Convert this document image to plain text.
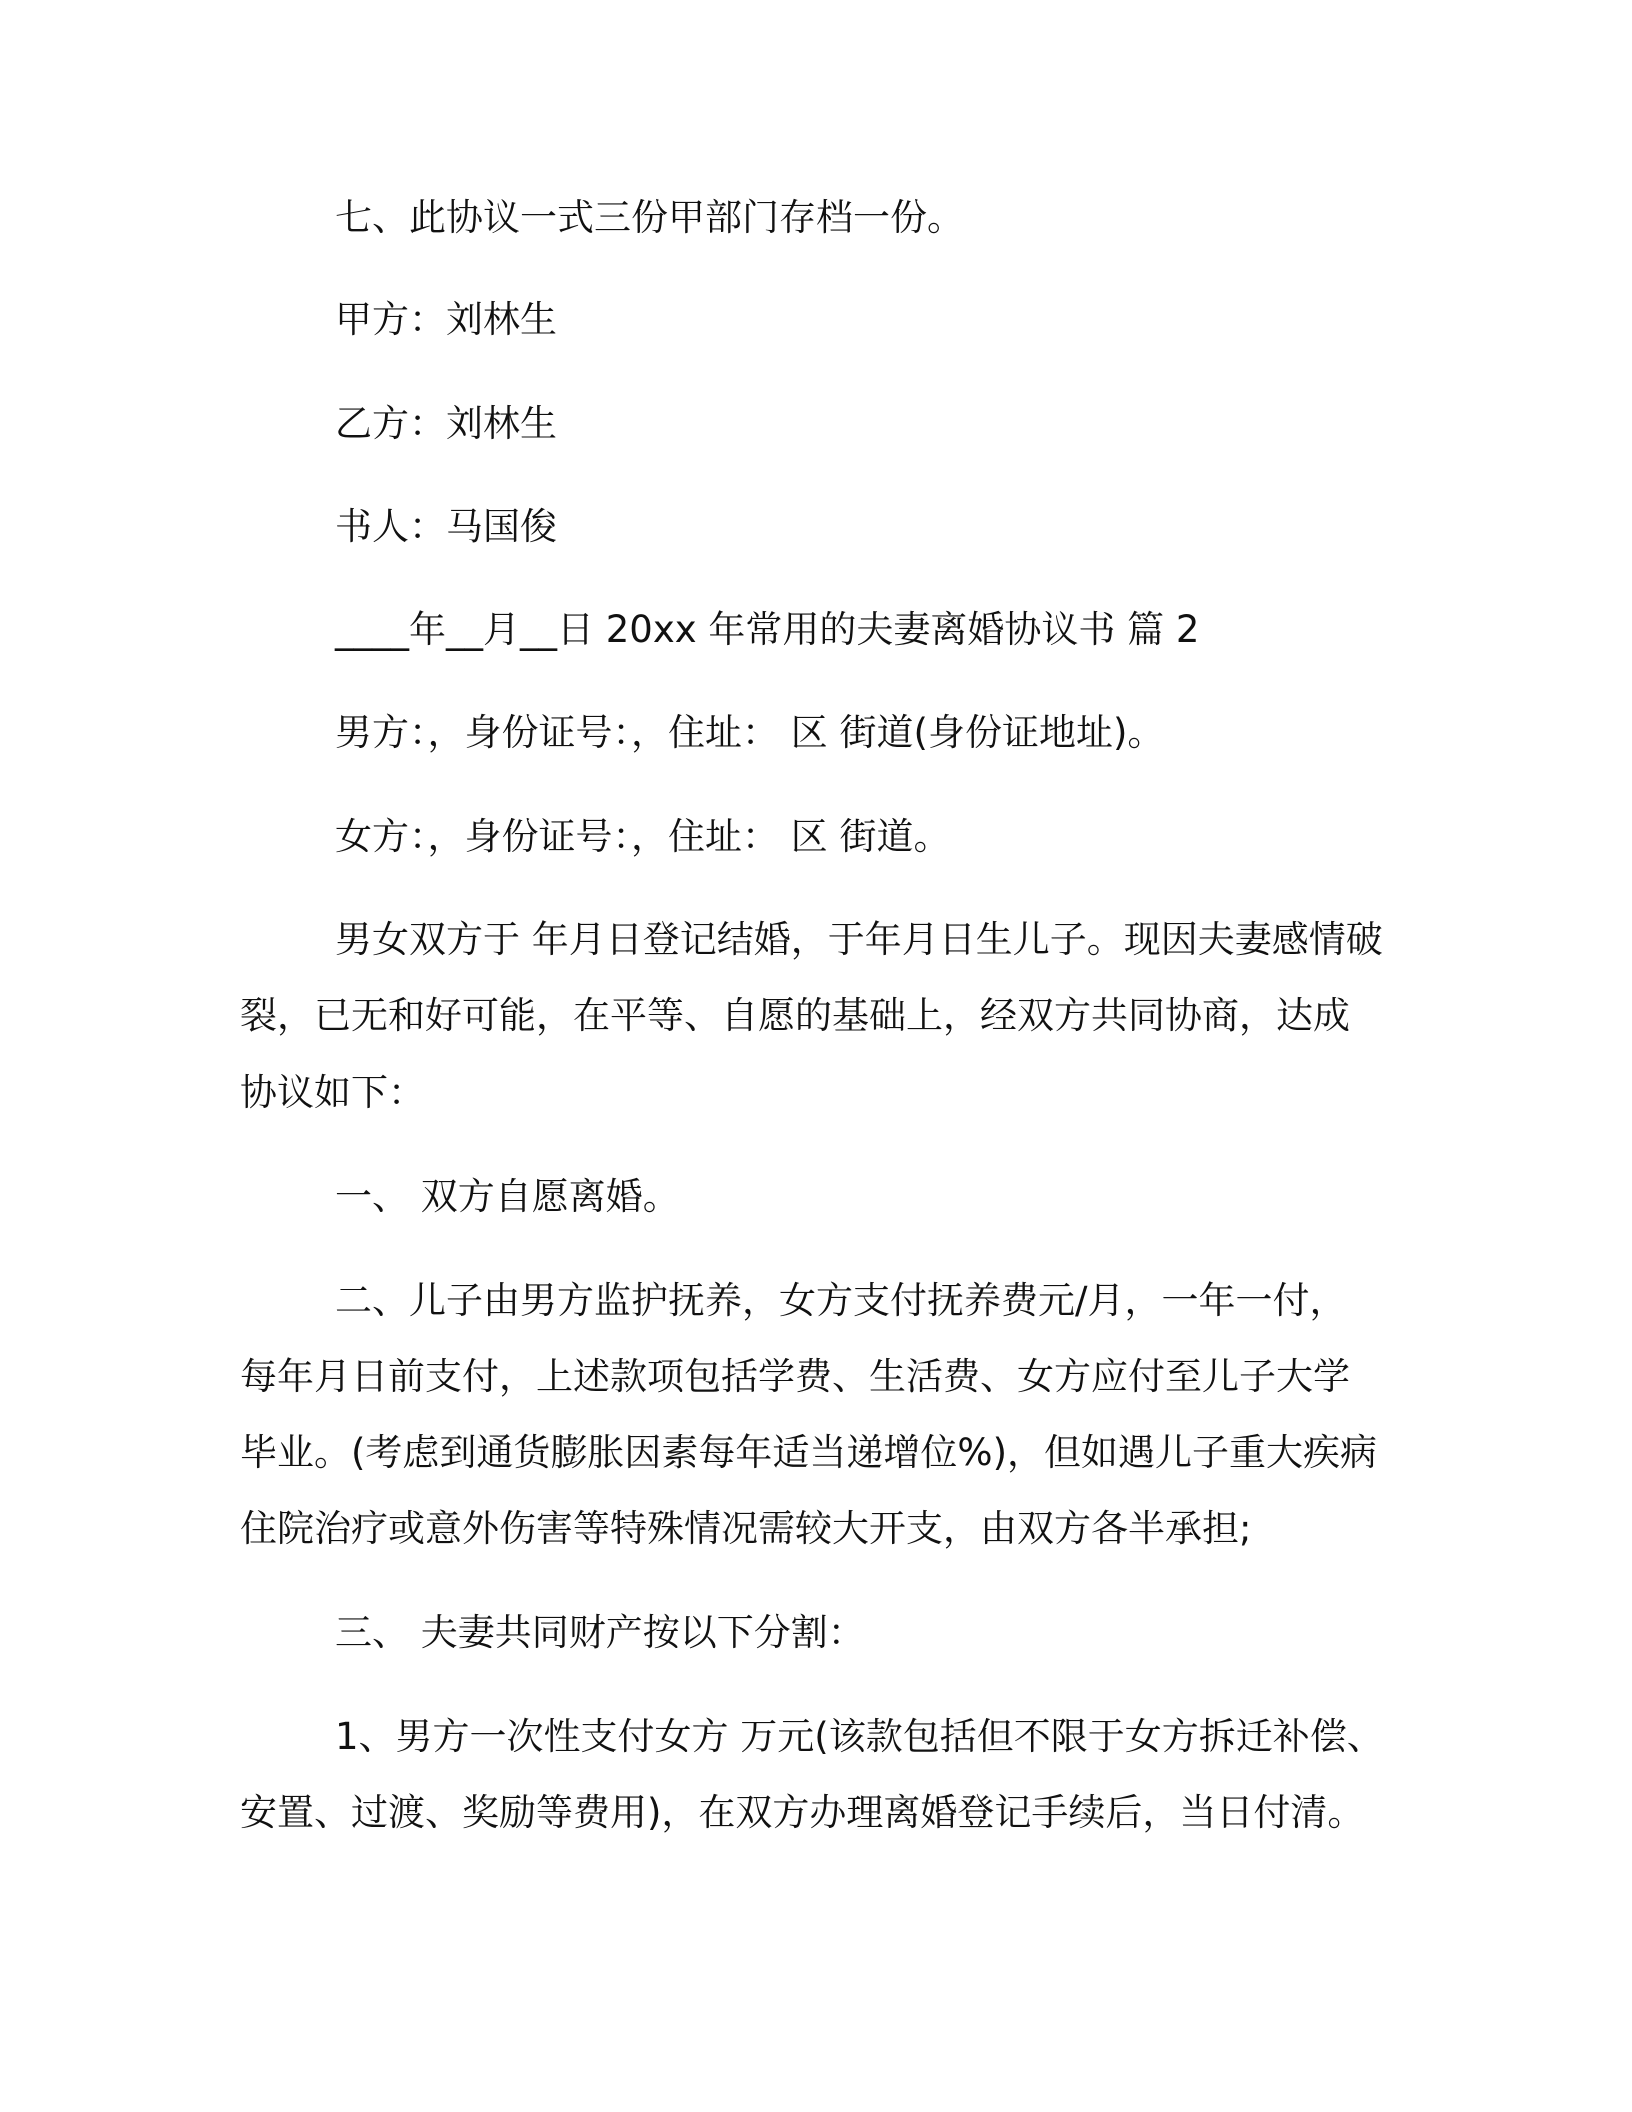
七、此协议一式三份甲部门存档一份。
甲方：刘林生
乙方：刘林生
书人：马国俊
____年__月__日 20xx 年常用的夫妻离婚协议书 篇 2
男方：，身份证号：，住址： 区 街道(身份证地址)。
女方：，身份证号：，住址： 区 街道。
男女双方于 年月日登记结婚，于年月日生儿子。现因夫妻感情破
裂，已无和好可能，在平等、自愿的基础上，经双方共同协商，达成
协议如下：
一、 双方自愿离婚。
二、儿子由男方监护抚养，女方支付抚养费元/月，一年一付，
每年月日前支付，上述款项包括学费、生活费、女方应付至儿子大学
毕业。(考虑到通货膨胀因素每年适当递增位%)，但如遇儿子重大疾病
住院治疗或意外伤害等特殊情况需较大开支，由双方各半承担;
三、 夫妻共同财产按以下分割：
1、男方一次性支付女方 万元(该款包括但不限于女方拆迁补偿、
安置、过渡、奖励等费用)，在双方办理离婚登记手续后，当日付清。
